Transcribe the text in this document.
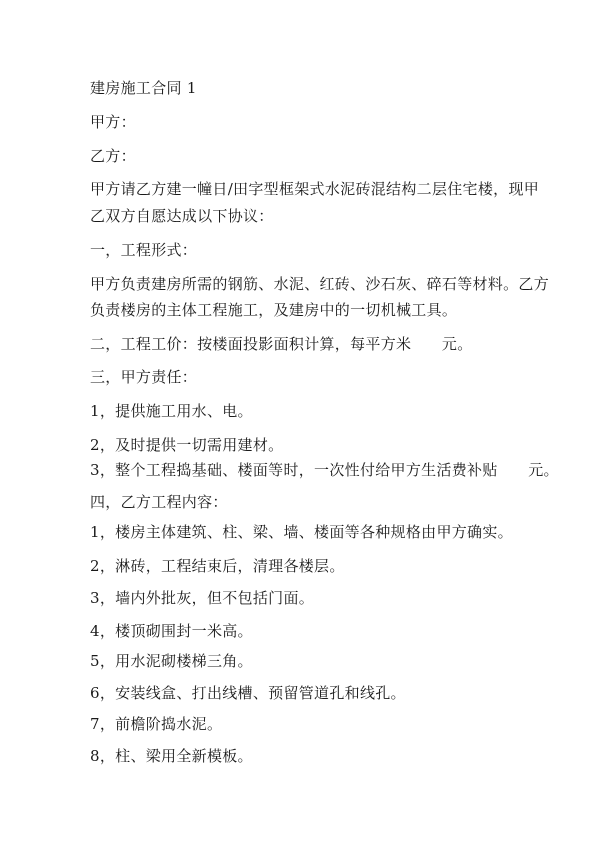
建房施工合同 1
甲方：
乙方：
甲方请乙方建一幢日/田字型框架式水泥砖混结构二层住宅楼，现甲
乙双方自愿达成以下协议：
一，工程形式：
甲方负责建房所需的钢筋、水泥、红砖、沙石灰、碎石等材料。乙方
负责楼房的主体工程施工，及建房中的一切机械工具。
二，工程工价：按楼面投影面积计算，每平方米　　元。
三，甲方责任：
1，提供施工用水、电。
2，及时提供一切需用建材。
3，整个工程捣基础、楼面等时，一次性付给甲方生活费补贴　　元。
四，乙方工程内容：
1，楼房主体建筑、柱、梁、墙、楼面等各种规格由甲方确实。
2，淋砖，工程结束后，清理各楼层。
3，墙内外批灰，但不包括门面。
4，楼顶砌围封一米高。
5，用水泥砌楼梯三角。
6，安装线盒、打出线槽、预留管道孔和线孔。
7，前檐阶捣水泥。
8，柱、梁用全新模板。
